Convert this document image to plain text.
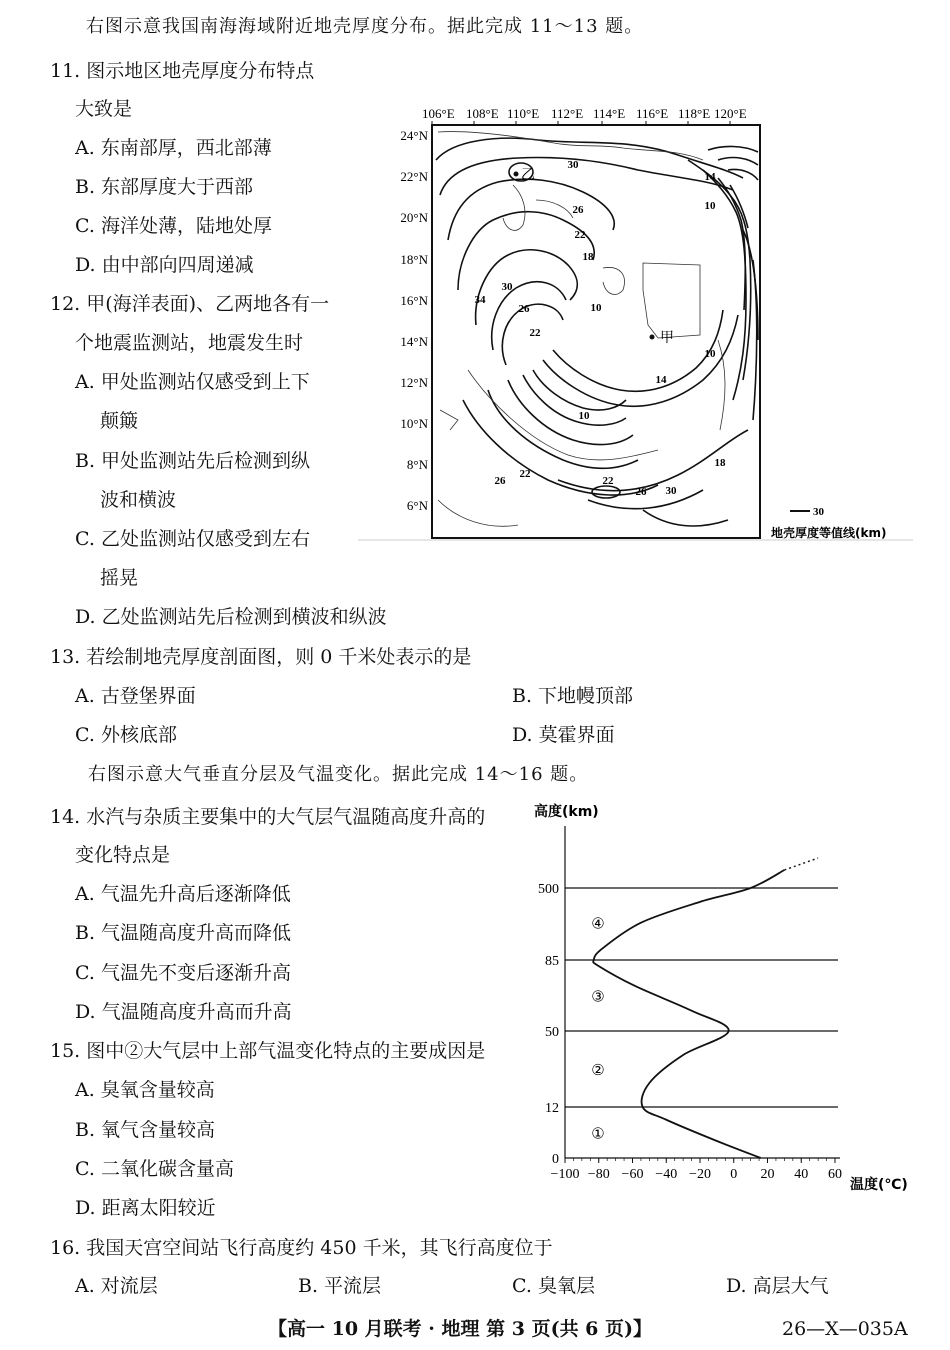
右图示意我国南海海域附近地壳厚度分布。据此完成 11～13 题。
11. 图示地区地壳厚度分布特点
大致是
A. 东南部厚，西北部薄
B. 东部厚度大于西部
C. 海洋处薄，陆地处厚
D. 由中部向四周递减
12. 甲(海洋表面)、乙两地各有一
个地震监测站，地震发生时
A. 甲处监测站仅感受到上下
颠簸
B. 甲处监测站先后检测到纵
波和横波
C. 乙处监测站仅感受到左右
摇晃
D. 乙处监测站先后检测到横波和纵波
13. 若绘制地壳厚度剖面图，则 0 千米处表示的是
A. 古登堡界面	B. 下地幔顶部
C. 外核底部	D. 莫霍界面
106°E 108°E 110°E 112°E 114°E 116°E 118°E 120°E
24°N
22°N
20°N
18°N
16°N
14°N
12°N
10°N
8°N
6°N
30
26
22
18
34
30
26
22
10
14
10
10
14
10
18
22
26	22
26 30
甲
乙
30
地壳厚度等值线(km)
右图示意大气垂直分层及气温变化。据此完成 14～16 题。
14. 水汽与杂质主要集中的大气层气温随高度升高的
变化特点是
A. 气温先升高后逐渐降低
B. 气温随高度升高而降低
C. 气温先不变后逐渐升高
D. 气温随高度升高而升高
15. 图中②大气层中上部气温变化特点的主要成因是
A. 臭氧含量较高
B. 氧气含量较高
C. 二氧化碳含量高
D. 距离太阳较近
16. 我国天宫空间站飞行高度约 450 千米，其飞行高度位于
A. 对流层	B. 平流层	C. 臭氧层	D. 高层大气
高度(km)
温度(℃)
0
12
50
85
500
−100 −80 −60 −40 −20 0 20 40 60
①
②
③
④
【高一 10 月联考 · 地理 第 3 页(共 6 页)】	26—X—035A
